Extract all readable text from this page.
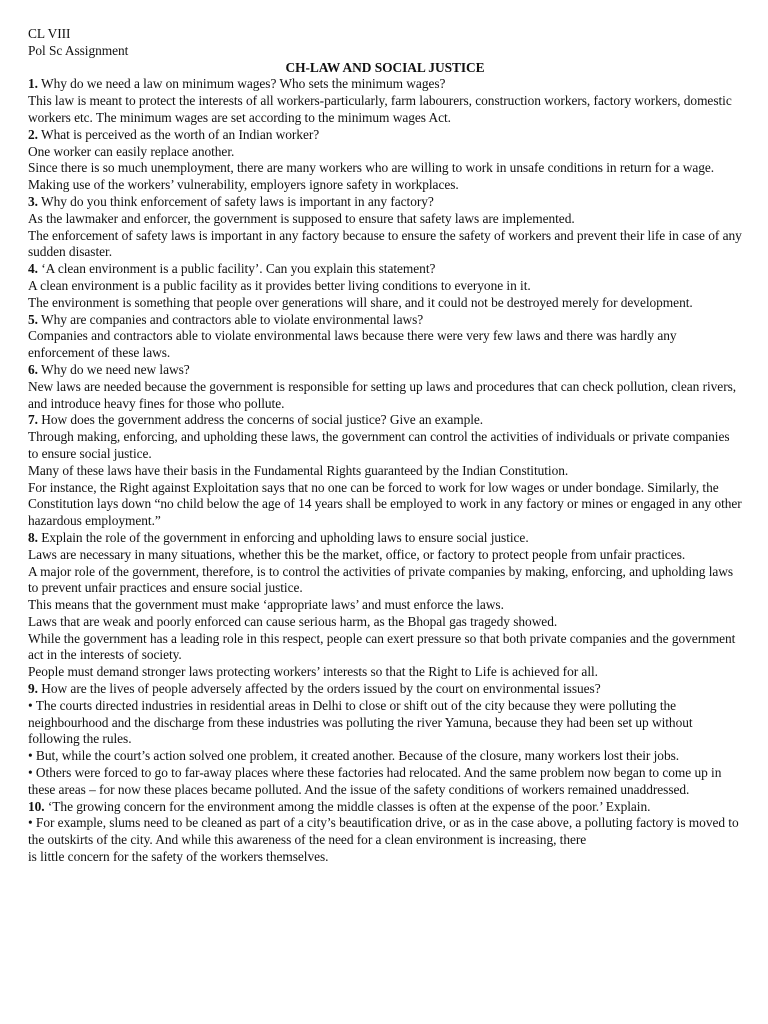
CL VIII

Pol Sc Assignment

CH-LAW AND SOCIAL JUSTICE

1. Why do we need a law on minimum wages? Who sets the minimum wages?

This law is meant to protect the interests of all workers-particularly, farm labourers, construction workers, factory workers, domestic workers etc. The minimum wages are set according to the minimum wages Act.

2. What is perceived as the worth of an Indian worker?

One worker can easily replace another.

Since there is so much unemployment, there are many workers who are willing to work in unsafe conditions in return for a wage.

Making use of the workers’ vulnerability, employers ignore safety in workplaces.

3. Why do you think enforcement of safety laws is important in any factory?

As the lawmaker and enforcer, the government is supposed to ensure that safety laws are implemented.

The enforcement of safety laws is important in any factory because to ensure the safety of workers and prevent their life in case of any sudden disaster.

4. ‘A clean environment is a public facility’. Can you explain this statement?

A clean environment is a public facility as it provides better living conditions to everyone in it.

The environment is something that people over generations will share, and it could not be destroyed merely for development.

5. Why are companies and contractors able to violate environmental laws?

Companies and contractors able to violate environmental laws because there were very few laws and there was hardly any enforcement of these laws.

6. Why do we need new laws?

New laws are needed because the government is responsible for setting up laws and procedures that can check pollution, clean rivers, and introduce heavy fines for those who pollute.

7. How does the government address the concerns of social justice? Give an example.

Through making, enforcing, and upholding these laws, the government can control the activities of individuals or private companies to ensure social justice.

Many of these laws have their basis in the Fundamental Rights guaranteed by the Indian Constitution.

For instance, the Right against Exploitation says that no one can be forced to work for low wages or under bondage. Similarly, the Constitution lays down “no child below the age of 14 years shall be employed to work in any factory or mines or engaged in any other hazardous employment.”

8. Explain the role of the government in enforcing and upholding laws to ensure social justice.

Laws are necessary in many situations, whether this be the market, office, or factory to protect people from unfair practices.

A major role of the government, therefore, is to control the activities of private companies by making, enforcing, and upholding laws to prevent unfair practices and ensure social justice.

This means that the government must make ‘appropriate laws’ and must enforce the laws.

Laws that are weak and poorly enforced can cause serious harm, as the Bhopal gas tragedy showed.

While the government has a leading role in this respect, people can exert pressure so that both private companies and the government act in the interests of society.

People must demand stronger laws protecting workers’ interests so that the Right to Life is achieved for all.

9. How are the lives of people adversely affected by the orders issued by the court on environmental issues?

• The courts directed industries in residential areas in Delhi to close or shift out of the city because they were polluting the neighbourhood and the discharge from these industries was polluting the river Yamuna, because they had been set up without following the rules.

• But, while the court’s action solved one problem, it created another. Because of the closure, many workers lost their jobs.

• Others were forced to go to far-away places where these factories had relocated. And the same problem now began to come up in these areas – for now these places became polluted. And the issue of the safety conditions of workers remained unaddressed.

10. ‘The growing concern for the environment among the middle classes is often at the expense of the poor.’ Explain.

• For example, slums need to be cleaned as part of a city’s beautification drive, or as in the case above, a polluting factory is moved to the outskirts of the city. And while this awareness of the need for a clean environment is increasing, there

is little concern for the safety of the workers themselves.
